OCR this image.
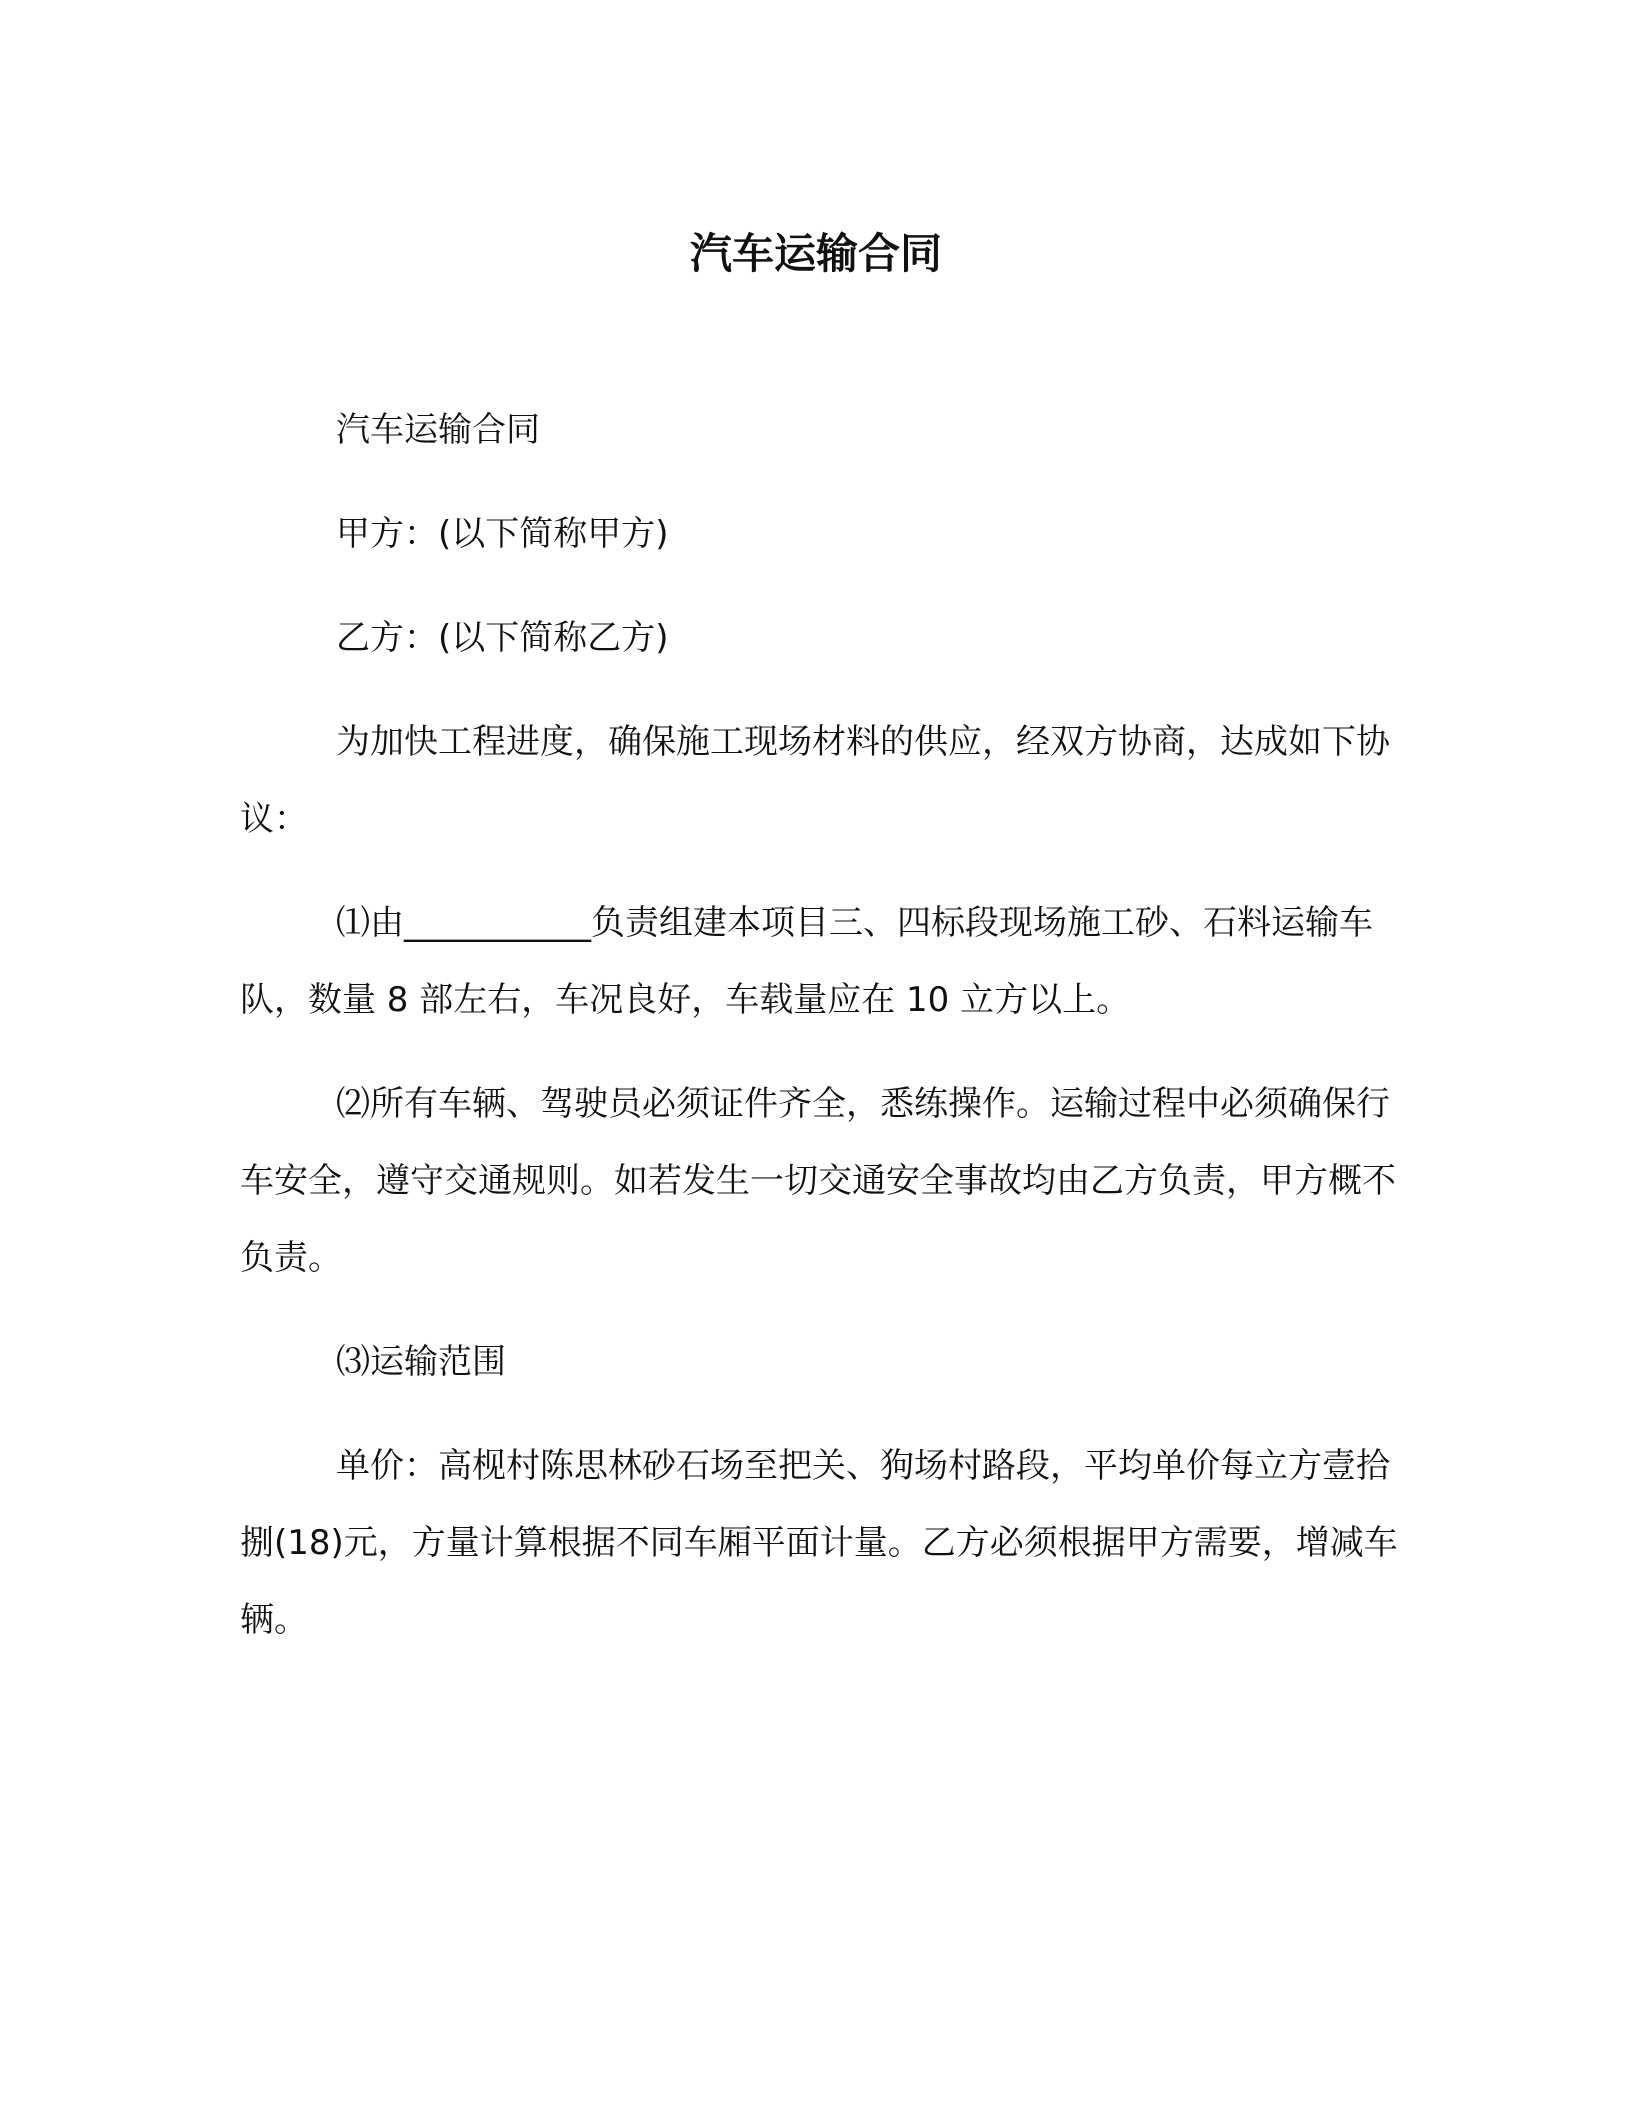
汽车运输合同

汽车运输合同

甲方：(以下简称甲方)

乙方：(以下简称乙方)

为加快工程进度，确保施工现场材料的供应，经双方协商，达成如下协议：

⑴由___________负责组建本项目三、四标段现场施工砂、石料运输车队，数量 8 部左右，车况良好，车载量应在 10 立方以上。

⑵所有车辆、驾驶员必须证件齐全，悉练操作。运输过程中必须确保行车安全，遵守交通规则。如若发生一切交通安全事故均由乙方负责，甲方概不负责。

⑶运输范围

单价：高枧村陈思林砂石场至把关、狗场村路段，平均单价每立方壹拾捌(18)元，方量计算根据不同车厢平面计量。乙方必须根据甲方需要，增减车辆。
